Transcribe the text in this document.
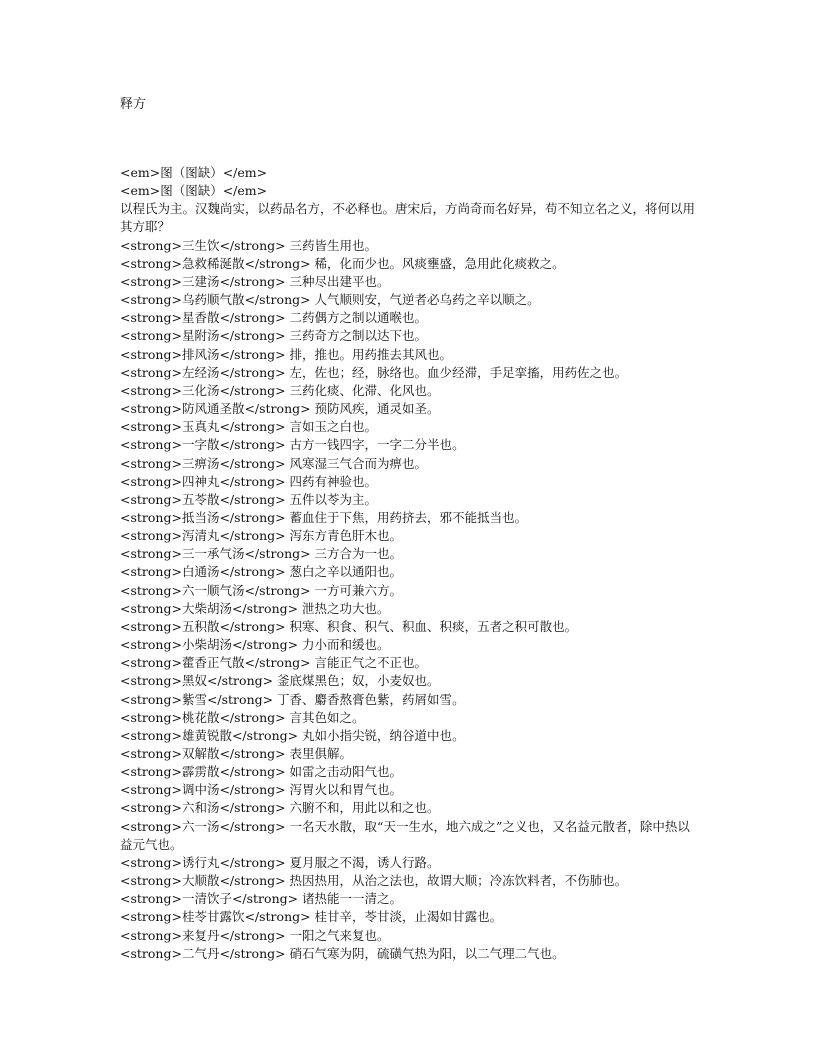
释方

<em>图（图缺）</em>

<em>图（图缺）</em>

以程氏为主。汉魏尚实，以药品名方，不必释也。唐宋后，方尚奇而名好异，苟不知立名之义，将何以用其方耶？

<strong>三生饮</strong> 三药皆生用也。

<strong>急救稀涎散</strong> 稀，化而少也。风痰壅盛，急用此化痰救之。

<strong>三建汤</strong> 三种尽出建平也。

<strong>乌药顺气散</strong> 人气顺则安，气逆者必乌药之辛以顺之。

<strong>星香散</strong> 二药偶方之制以通喉也。

<strong>星附汤</strong> 三药奇方之制以达下也。

<strong>排风汤</strong> 排，推也。用药推去其风也。

<strong>左经汤</strong> 左，佐也；经，脉络也。血少经滞，手足挛搐，用药佐之也。

<strong>三化汤</strong> 三药化痰、化滞、化风也。

<strong>防风通圣散</strong> 预防风疾，通灵如圣。

<strong>玉真丸</strong> 言如玉之白也。

<strong>一字散</strong> 古方一钱四字，一字二分半也。

<strong>三痹汤</strong> 风寒湿三气合而为痹也。

<strong>四神丸</strong> 四药有神验也。

<strong>五苓散</strong> 五件以苓为主。

<strong>抵当汤</strong> 蓄血住于下焦，用药挤去，邪不能抵当也。

<strong>泻清丸</strong> 泻东方青色肝木也。

<strong>三一承气汤</strong> 三方合为一也。

<strong>白通汤</strong> 葱白之辛以通阳也。

<strong>六一顺气汤</strong> 一方可兼六方。

<strong>大柴胡汤</strong> 泄热之功大也。

<strong>五积散</strong> 积寒、积食、积气、积血、积痰，五者之积可散也。

<strong>小柴胡汤</strong> 力小而和缓也。

<strong>藿香正气散</strong> 言能正气之不正也。

<strong>黑奴</strong> 釜底煤黑色；奴，小麦奴也。

<strong>紫雪</strong> 丁香、麝香熬膏色紫，药屑如雪。

<strong>桃花散</strong> 言其色如之。

<strong>雄黄锐散</strong> 丸如小指尖锐，纳谷道中也。

<strong>双解散</strong> 表里俱解。

<strong>霹雳散</strong> 如雷之击动阳气也。

<strong>调中汤</strong> 泻胃火以和胃气也。

<strong>六和汤</strong> 六腑不和，用此以和之也。

<strong>六一汤</strong> 一名天水散，取“天一生水，地六成之”之义也，又名益元散者，除中热以益元气也。

<strong>诱行丸</strong> 夏月服之不渴，诱人行路。

<strong>大顺散</strong> 热因热用，从治之法也，故谓大顺；冷冻饮料者，不伤肺也。

<strong>一清饮子</strong> 诸热能一一清之。

<strong>桂苓甘露饮</strong> 桂甘辛，苓甘淡，止渴如甘露也。

<strong>来复丹</strong> 一阳之气来复也。

<strong>二气丹</strong> 硝石气寒为阴，硫磺气热为阳，以二气理二气也。
